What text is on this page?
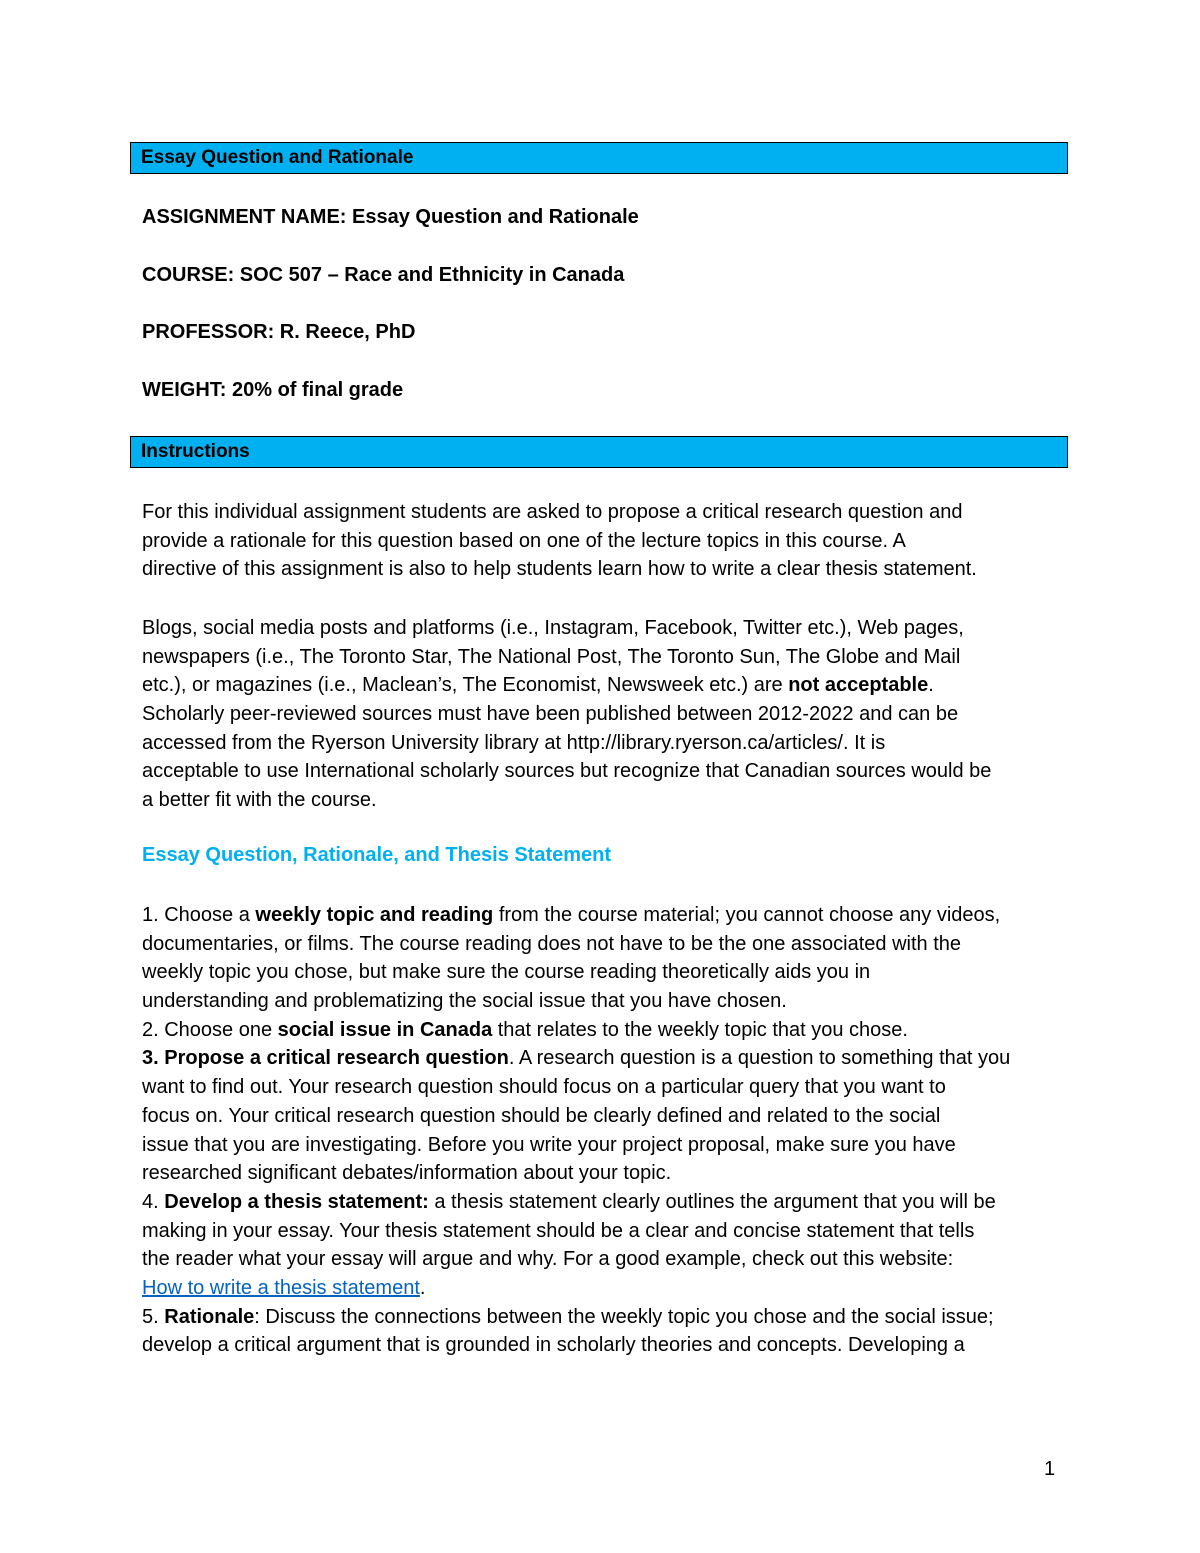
Essay Question and Rationale
ASSIGNMENT NAME: Essay Question and Rationale
COURSE: SOC 507 – Race and Ethnicity in Canada
PROFESSOR: R. Reece, PhD
WEIGHT: 20% of final grade
Instructions
For this individual assignment students are asked to propose a critical research question and
provide a rationale for this question based on one of the lecture topics in this course. A
directive of this assignment is also to help students learn how to write a clear thesis statement.
Blogs, social media posts and platforms (i.e., Instagram, Facebook, Twitter etc.), Web pages,
newspapers (i.e., The Toronto Star, The National Post, The Toronto Sun, The Globe and Mail
etc.), or magazines (i.e., Maclean’s, The Economist, Newsweek etc.) are not acceptable.
Scholarly peer-reviewed sources must have been published between 2012-2022 and can be
accessed from the Ryerson University library at http://library.ryerson.ca/articles/. It is
acceptable to use International scholarly sources but recognize that Canadian sources would be
a better fit with the course.
Essay Question, Rationale, and Thesis Statement
1. Choose a weekly topic and reading from the course material; you cannot choose any videos,
documentaries, or films. The course reading does not have to be the one associated with the
weekly topic you chose, but make sure the course reading theoretically aids you in
understanding and problematizing the social issue that you have chosen.
2. Choose one social issue in Canada that relates to the weekly topic that you chose.
3. Propose a critical research question. A research question is a question to something that you
want to find out. Your research question should focus on a particular query that you want to
focus on. Your critical research question should be clearly defined and related to the social
issue that you are investigating. Before you write your project proposal, make sure you have
researched significant debates/information about your topic.
4. Develop a thesis statement: a thesis statement clearly outlines the argument that you will be
making in your essay. Your thesis statement should be a clear and concise statement that tells
the reader what your essay will argue and why. For a good example, check out this website:
How to write a thesis statement.
5. Rationale: Discuss the connections between the weekly topic you chose and the social issue;
develop a critical argument that is grounded in scholarly theories and concepts. Developing a
1
